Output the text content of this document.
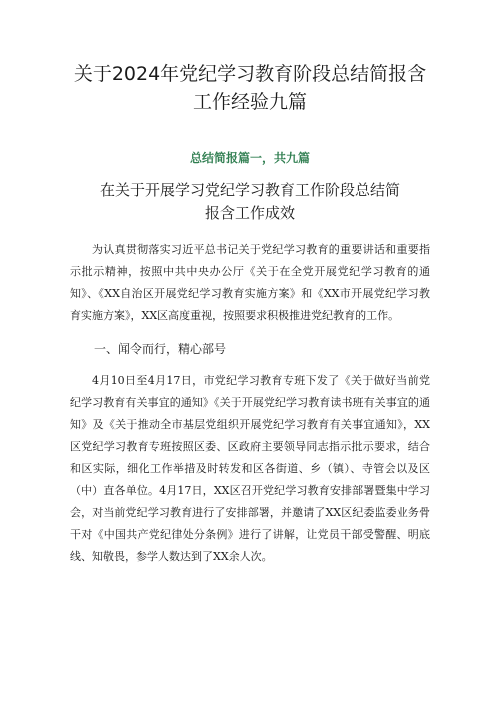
关于2024年党纪学习教育阶段总结简报含
工作经验九篇
总结简报篇一，共九篇
在关于开展学习党纪学习教育工作阶段总结简
报含工作成效

为认真贯彻落实习近平总书记关于党纪学习教育的重要讲话和重要指示批示精神，按照中共中央办公厅《关于在全党开展党纪学习教育的通知》、《XX自治区开展党纪学习教育实施方案》和《XX市开展党纪学习教育实施方案》，XX区高度重视，按照要求积极推进党纪教育的工作。

一、闻令而行，精心部号

4月10日至4月17日，市党纪学习教育专班下发了《关于做好当前党纪学习教育有关事宜的通知》《关于开展党纪学习教育读书班有关事宜的通知》及《关于推动全市基层党组织开展党纪学习教育有关事宜通知》，XX区党纪学习教育专班按照区委、区政府主要领导同志指示批示要求，结合和区实际，细化工作举措及时转发和区各街道、乡（镇）、寺管会以及区（中）直各单位。4月17日，XX区召开党纪学习教育安排部署暨集中学习会，对当前党纪学习教育进行了安排部署，并邀请了XX区纪委监委业务骨干对《中国共产党纪律处分条例》进行了讲解，让党员干部受警醒、明底线、知敬畏，参学人数达到了XX余人次。
